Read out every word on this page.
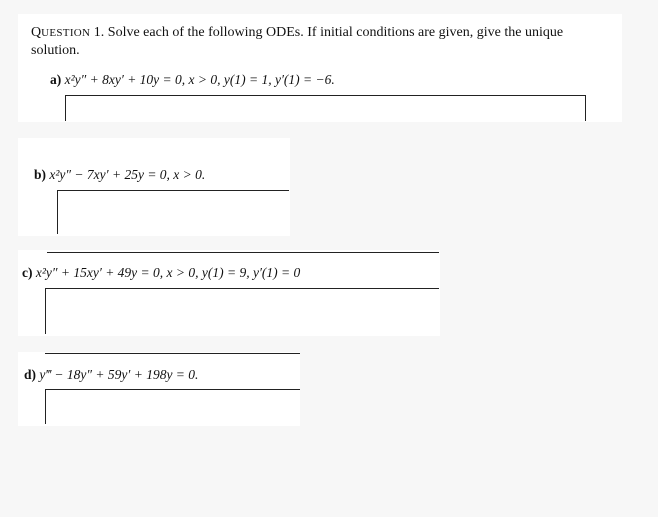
QUESTION 1. Solve each of the following ODEs. If initial conditions are given, give the unique
solution.
a) x²y″ + 8xy′ + 10y = 0, x > 0, y(1) = 1, y′(1) = −6.
b) x²y″ − 7xy′ + 25y = 0, x > 0.
c) x²y″ + 15xy′ + 49y = 0, x > 0, y(1) = 9, y′(1) = 0
d) y‴ − 18y″ + 59y′ + 198y = 0.
